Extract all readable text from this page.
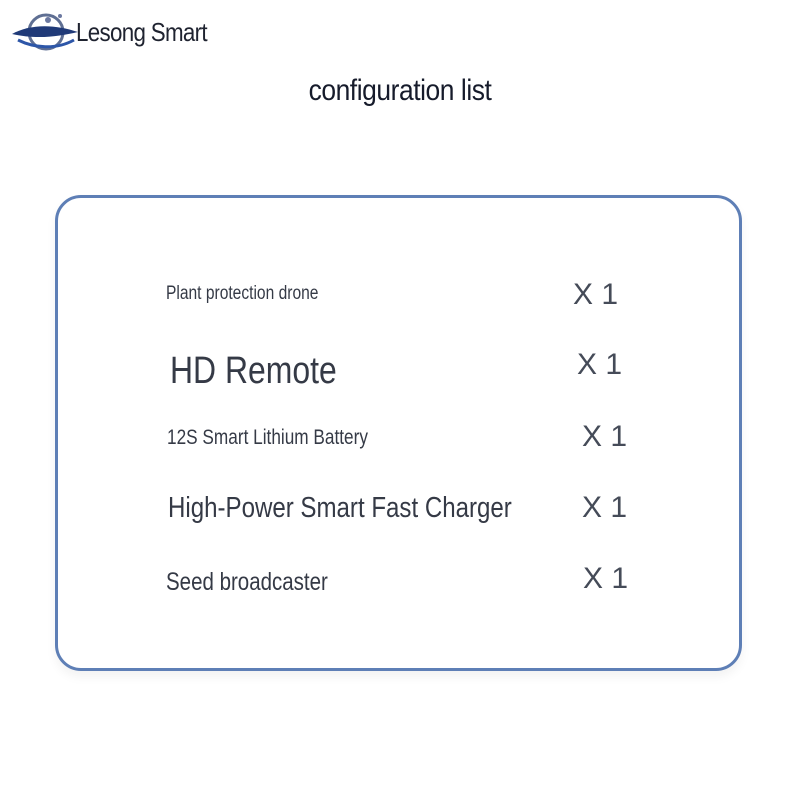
Lesong Smart
configuration list
Plant protection drone	X 1
HD Remote	X 1
12S Smart Lithium Battery	X 1
High-Power Smart Fast Charger X 1
Seed broadcaster	X 1
